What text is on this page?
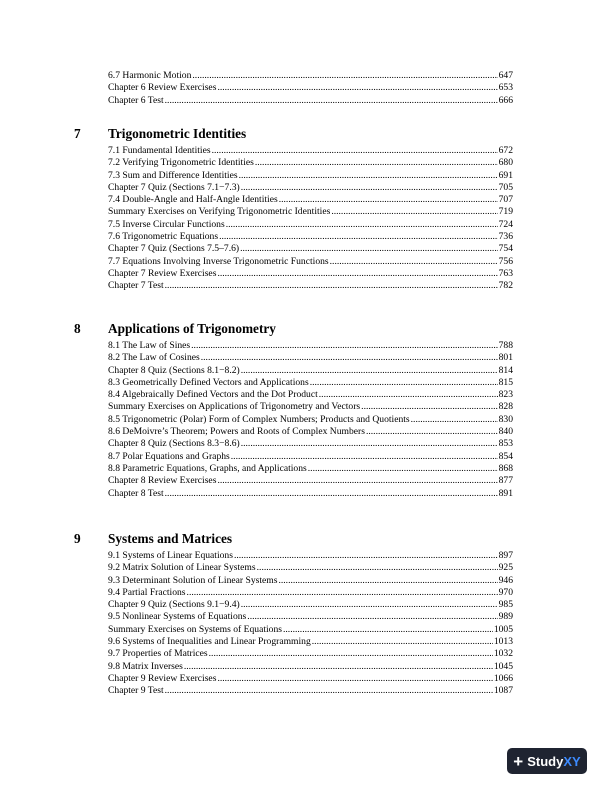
6.7 Harmonic Motion .....	647
Chapter 6 Review Exercises .....	653
Chapter 6 Test .....	666
7 Trigonometric Identities
7.1 Fundamental Identities .....	672
7.2 Verifying Trigonometric Identities .....	680
7.3 Sum and Difference Identities .....	691
Chapter 7 Quiz (Sections 7.1−7.3) .....	705
7.4 Double-Angle and Half-Angle Identities .....	707
Summary Exercises on Verifying Trigonometric Identities .....	719
7.5 Inverse Circular Functions .....	724
7.6 Trigonometric Equations .....	736
Chapter 7 Quiz (Sections 7.5–7.6) .....	754
7.7 Equations Involving Inverse Trigonometric Functions .....	756
Chapter 7 Review Exercises .....	763
Chapter 7 Test .....	782
8 Applications of Trigonometry
8.1 The Law of Sines .....	788
8.2 The Law of Cosines .....	801
Chapter 8 Quiz (Sections 8.1−8.2) .....	814
8.3 Geometrically Defined Vectors and Applications .....	815
8.4 Algebraically Defined Vectors and the Dot Product .....	823
Summary Exercises on Applications of Trigonometry and Vectors .....	828
8.5 Trigonometric (Polar) Form of Complex Numbers; Products and Quotients .....	830
8.6 DeMoivre’s Theorem; Powers and Roots of Complex Numbers .....	840
Chapter 8 Quiz (Sections 8.3−8.6) .....	853
8.7 Polar Equations and Graphs .....	854
8.8 Parametric Equations, Graphs, and Applications .....	868
Chapter 8 Review Exercises .....	877
Chapter 8 Test .....	891
9 Systems and Matrices
9.1 Systems of Linear Equations .....	897
9.2 Matrix Solution of Linear Systems .....	925
9.3 Determinant Solution of Linear Systems .....	946
9.4 Partial Fractions .....	970
Chapter 9 Quiz (Sections 9.1−9.4) .....	985
9.5 Nonlinear Systems of Equations .....	989
Summary Exercises on Systems of Equations .....	1005
9.6 Systems of Inequalities and Linear Programming .....	1013
9.7 Properties of Matrices .....	1032
9.8 Matrix Inverses .....	1045
Chapter 9 Review Exercises .....	1066
Chapter 9 Test .....	1087
+ Study XY
